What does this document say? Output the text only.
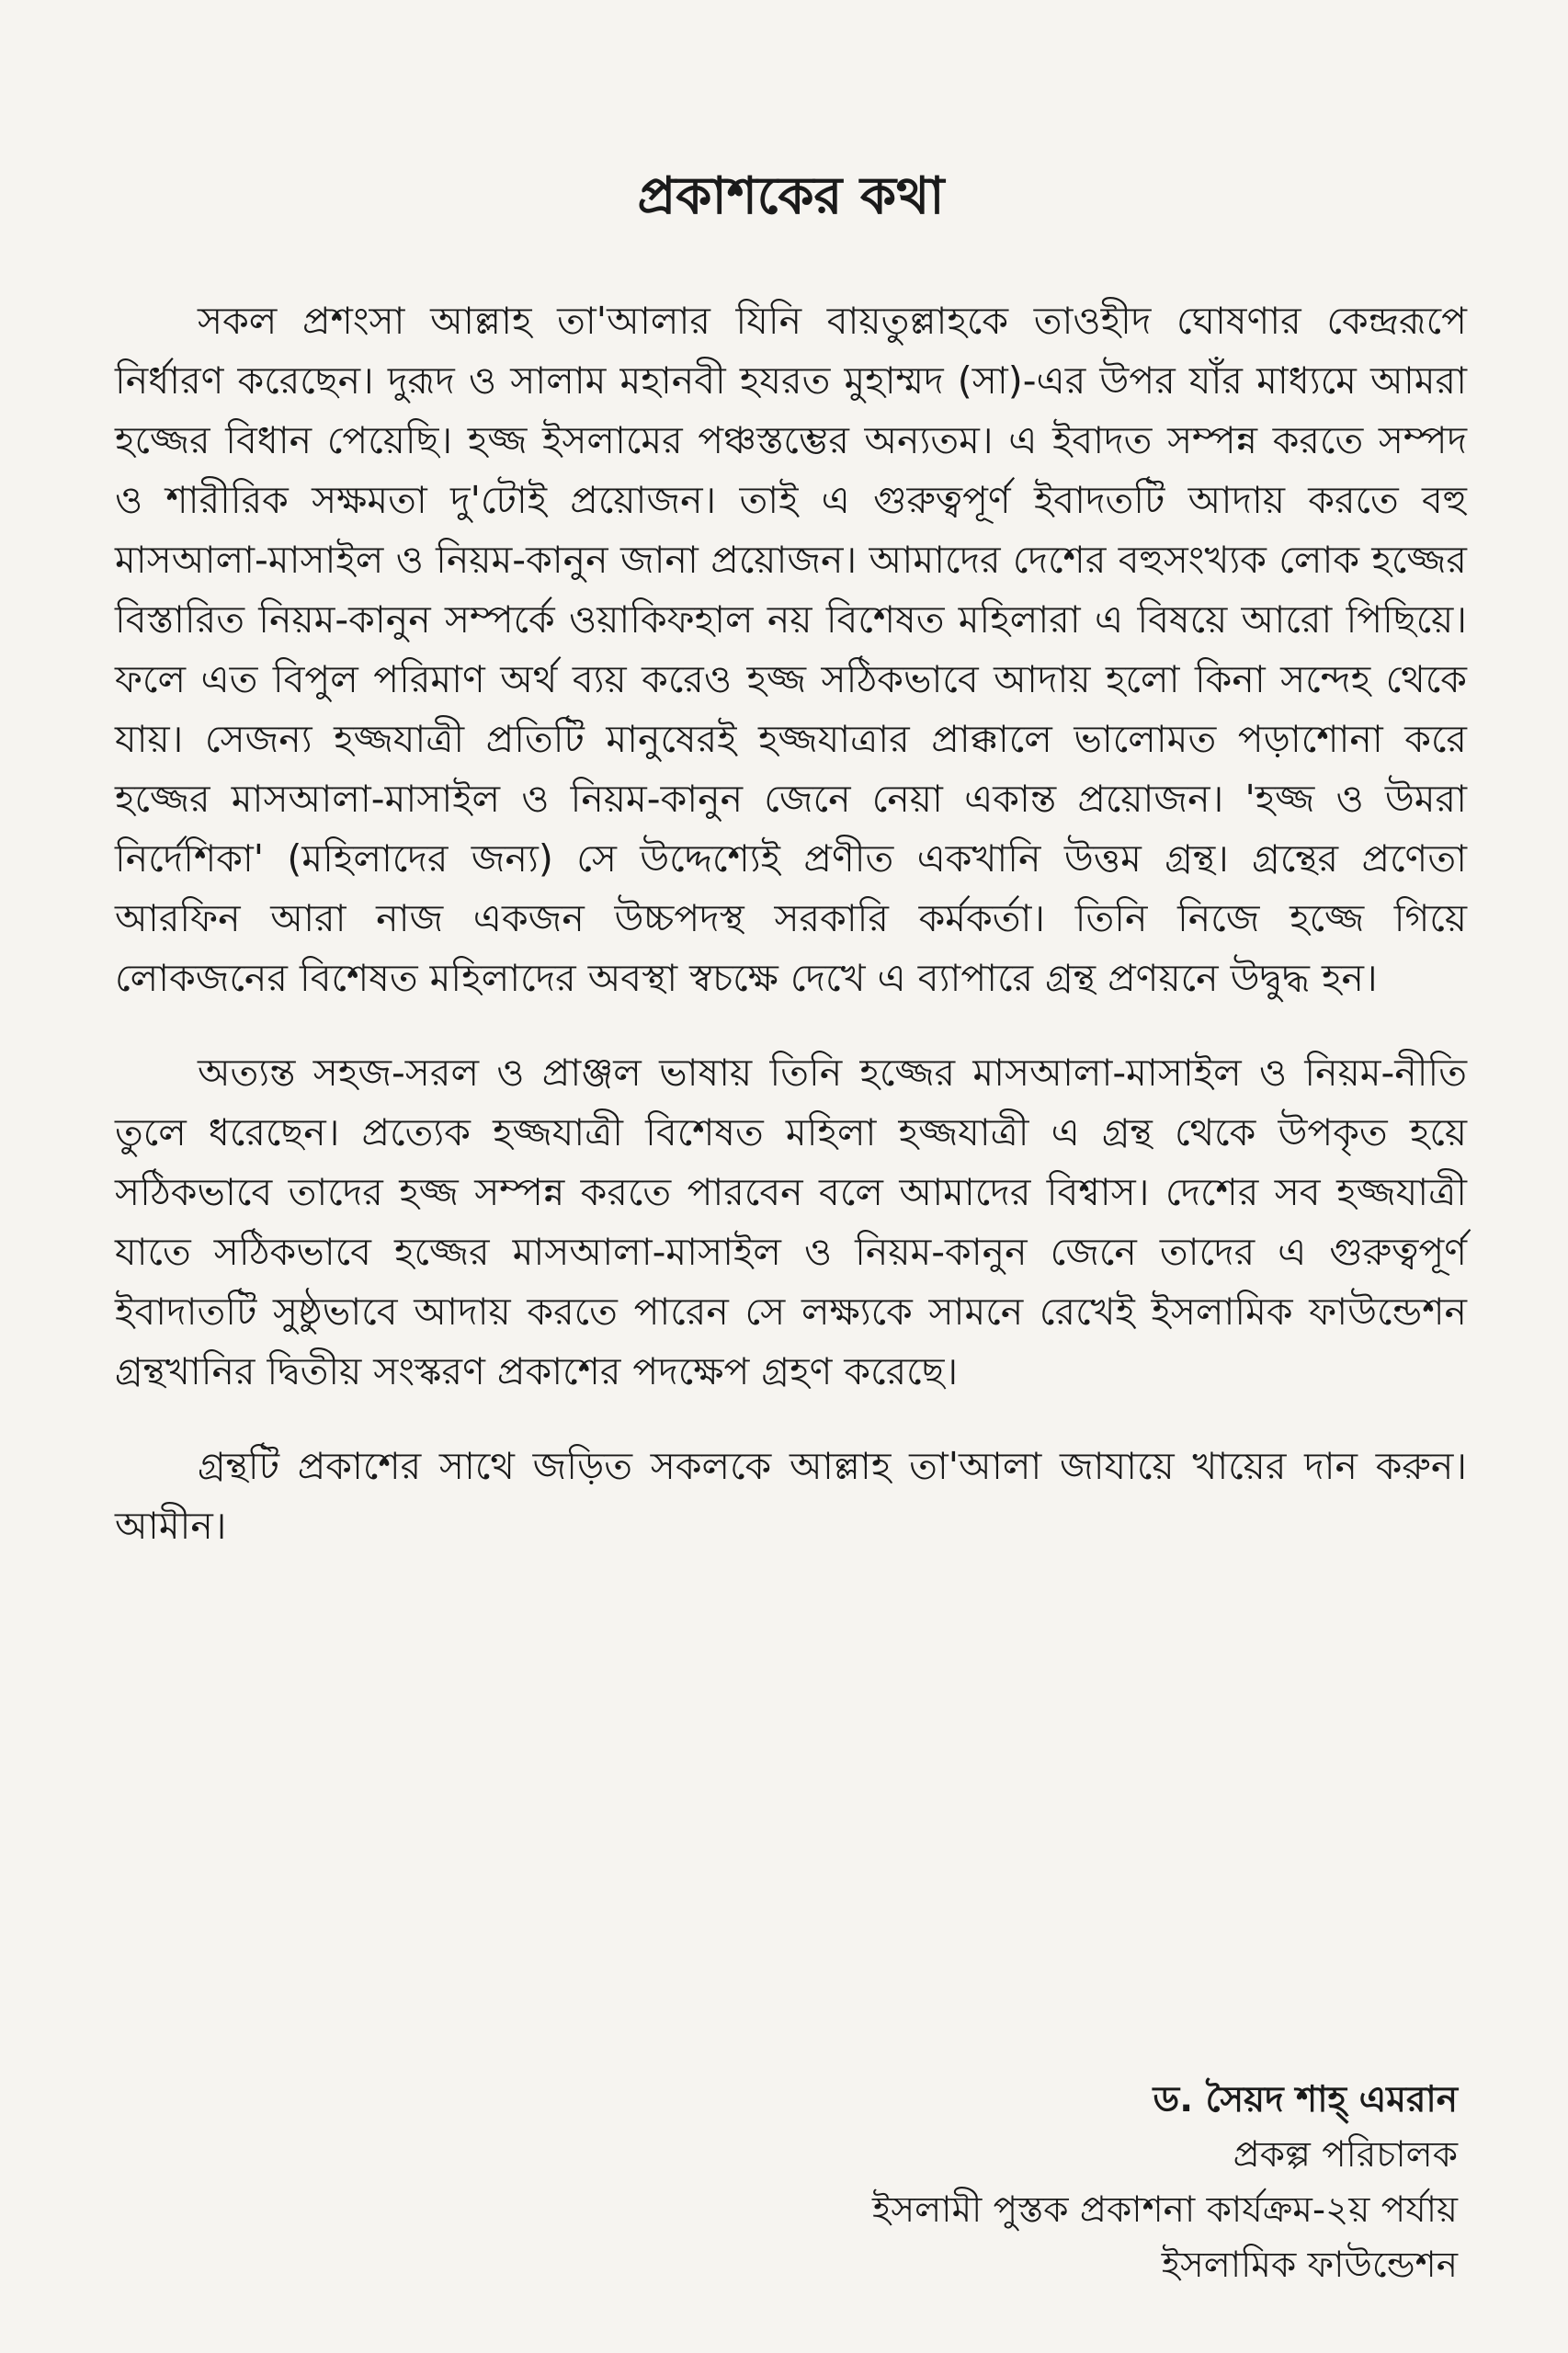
প্রকাশকের কথা

সকল প্রশংসা আল্লাহ তা'আলার যিনি বায়তুল্লাহকে তাওহীদ ঘোষণার কেন্দ্ররূপে নির্ধারণ করেছেন। দুরূদ ও সালাম মহানবী হযরত মুহাম্মদ (সা)-এর উপর যাঁর মাধ্যমে আমরা হজ্জের বিধান পেয়েছি। হজ্জ ইসলামের পঞ্চস্তম্ভের অন্যতম। এ ইবাদত সম্পন্ন করতে সম্পদ ও শারীরিক সক্ষমতা দু'টোই প্রয়োজন। তাই এ গুরুত্বপূর্ণ ইবাদতটি আদায় করতে বহু মাসআলা-মাসাইল ও নিয়ম-কানুন জানা প্রয়োজন। আমাদের দেশের বহুসংখ্যক লোক হজ্জের বিস্তারিত নিয়ম-কানুন সম্পর্কে ওয়াকিফহাল নয় বিশেষত মহিলারা এ বিষয়ে আরো পিছিয়ে। ফলে এত বিপুল পরিমাণ অর্থ ব্যয় করেও হজ্জ সঠিকভাবে আদায় হলো কিনা সন্দেহ থেকে যায়। সেজন্য হজ্জযাত্রী প্রতিটি মানুষেরই হজ্জযাত্রার প্রাক্কালে ভালোমত পড়াশোনা করে হজ্জের মাসআলা-মাসাইল ও নিয়ম-কানুন জেনে নেয়া একান্ত প্রয়োজন। 'হজ্জ ও উমরা নির্দেশিকা' (মহিলাদের জন্য) সে উদ্দেশ্যেই প্রণীত একখানি উত্তম গ্রন্থ। গ্রন্থের প্রণেতা আরফিন আরা নাজ একজন উচ্চপদস্থ সরকারি কর্মকর্তা। তিনি নিজে হজ্জে গিয়ে লোকজনের বিশেষত মহিলাদের অবস্থা স্বচক্ষে দেখে এ ব্যাপারে গ্রন্থ প্রণয়নে উদ্বুদ্ধ হন।

অত্যন্ত সহজ-সরল ও প্রাঞ্জল ভাষায় তিনি হজ্জের মাসআলা-মাসাইল ও নিয়ম-নীতি তুলে ধরেছেন। প্রত্যেক হজ্জযাত্রী বিশেষত মহিলা হজ্জযাত্রী এ গ্রন্থ থেকে উপকৃত হয়ে সঠিকভাবে তাদের হজ্জ সম্পন্ন করতে পারবেন বলে আমাদের বিশ্বাস। দেশের সব হজ্জযাত্রী যাতে সঠিকভাবে হজ্জের মাসআলা-মাসাইল ও নিয়ম-কানুন জেনে তাদের এ গুরুত্বপূর্ণ ইবাদাতটি সুষ্ঠুভাবে আদায় করতে পারেন সে লক্ষ্যকে সামনে রেখেই ইসলামিক ফাউন্ডেশন গ্রন্থখানির দ্বিতীয় সংস্করণ প্রকাশের পদক্ষেপ গ্রহণ করেছে।

গ্রন্থটি প্রকাশের সাথে জড়িত সকলকে আল্লাহ তা'আলা জাযায়ে খায়ের দান করুন। আমীন।

ড. সৈয়দ শাহ্ এমরান
প্রকল্প পরিচালক
ইসলামী পুস্তক প্রকাশনা কার্যক্রম-২য় পর্যায়
ইসলামিক ফাউন্ডেশন
